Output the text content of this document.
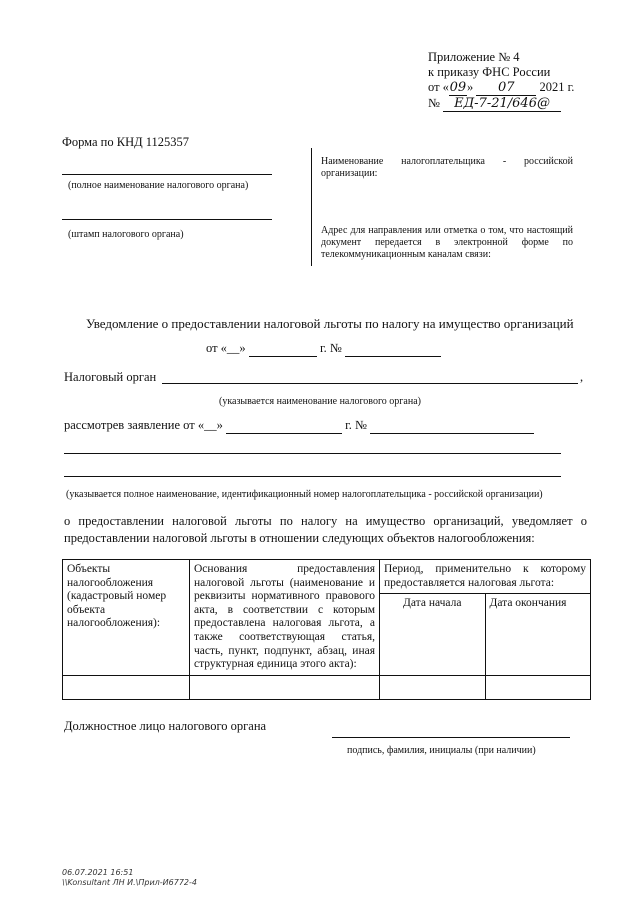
Приложение № 4
к приказу ФНС России
от «09» 07 2021 г.
№ ЕД-7-21/646@
Форма по КНД 1125357
(полное наименование налогового органа)
(штамп налогового органа)
Наименование налогоплательщика - российской организации:
Адрес для направления или отметка о том, что настоящий документ передается в электронной форме по телекоммуникационным каналам связи:
Уведомление о предоставлении налоговой льготы по налогу на имущество организаций
от «__»	г. №
Налоговый орган	,
(указывается наименование налогового органа)
рассмотрев заявление от «__»	г. №
(указывается полное наименование, идентификационный номер налогоплательщика - российской организации)
о предоставлении налоговой льготы по налогу на имущество организаций, уведомляет о предоставлении налоговой льготы в отношении следующих объектов налогообложения:
Объекты налогообложения (кадастровый номер объекта налогообложения):	Основания предоставления налоговой льготы (наименование и реквизиты нормативного правового акта, в соответствии с которым предоставлена налоговая льгота, а также соответствующая статья, часть, пункт, подпункт, абзац, иная структурная единица этого акта):	Период, применительно к которому предоставляется налоговая льгота:	
		Дата начала	Дата окончания

Должностное лицо налогового органа
подпись, фамилия, инициалы (при наличии)
06.07.2021 16:51
\\Konsultant ЛН И.\Прил-И6772-4
